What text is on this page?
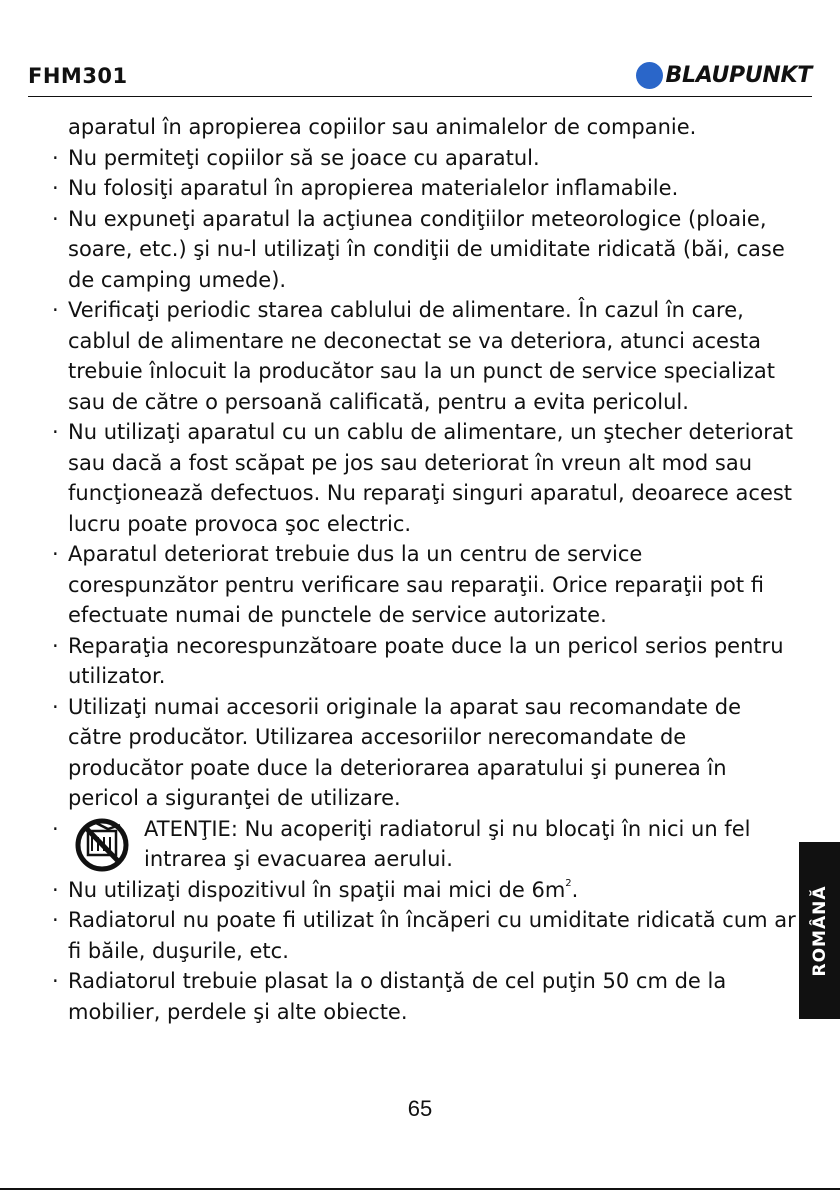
FHM301	BLAUPUNKT
aparatul în apropierea copiilor sau animalelor de companie.
· Nu permiteţi copiilor să se joace cu aparatul.
· Nu folosiţi aparatul în apropierea materialelor inflamabile.
· Nu expuneţi aparatul la acţiunea condiţiilor meteorologice (ploaie, soare, etc.) şi nu-l utilizaţi în condiţii de umiditate ridicată (băi, case de camping umede).
· Verificaţi periodic starea cablului de alimentare. În cazul în care, cablul de alimentare ne deconectat se va deteriora, atunci acesta trebuie înlocuit la producător sau la un punct de service specializat sau de către o persoană calificată, pentru a evita pericolul.
· Nu utilizaţi aparatul cu un cablu de alimentare, un ştecher deteriorat sau dacă a fost scăpat pe jos sau deteriorat în vreun alt mod sau funcţionează defectuos. Nu reparaţi singuri aparatul, deoarece acest lucru poate provoca şoc electric.
· Aparatul deteriorat trebuie dus la un centru de service corespunzător pentru verificare sau reparaţii. Orice reparaţii pot fi efectuate numai de punctele de service autorizate.
· Reparaţia necorespunzătoare poate duce la un pericol serios pentru utilizator.
· Utilizaţi numai accesorii originale la aparat sau recomandate de către producător. Utilizarea accesoriilor nerecomandate de producător poate duce la deteriorarea aparatului şi punerea în pericol a siguranţei de utilizare.
·	ATENŢIE: Nu acoperiţi radiatorul şi nu blocaţi în nici un fel intrarea şi evacuarea aerului.
· Nu utilizaţi dispozitivul în spaţii mai mici de $6m^2$.
· Radiatorul nu poate fi utilizat în încăperi cu umiditate ridicată cum ar fi băile, duşurile, etc.
· Radiatorul trebuie plasat la o distanţă de cel puţin 50 cm de la mobilier, perdele şi alte obiecte.
65
ROMÂNĂ
